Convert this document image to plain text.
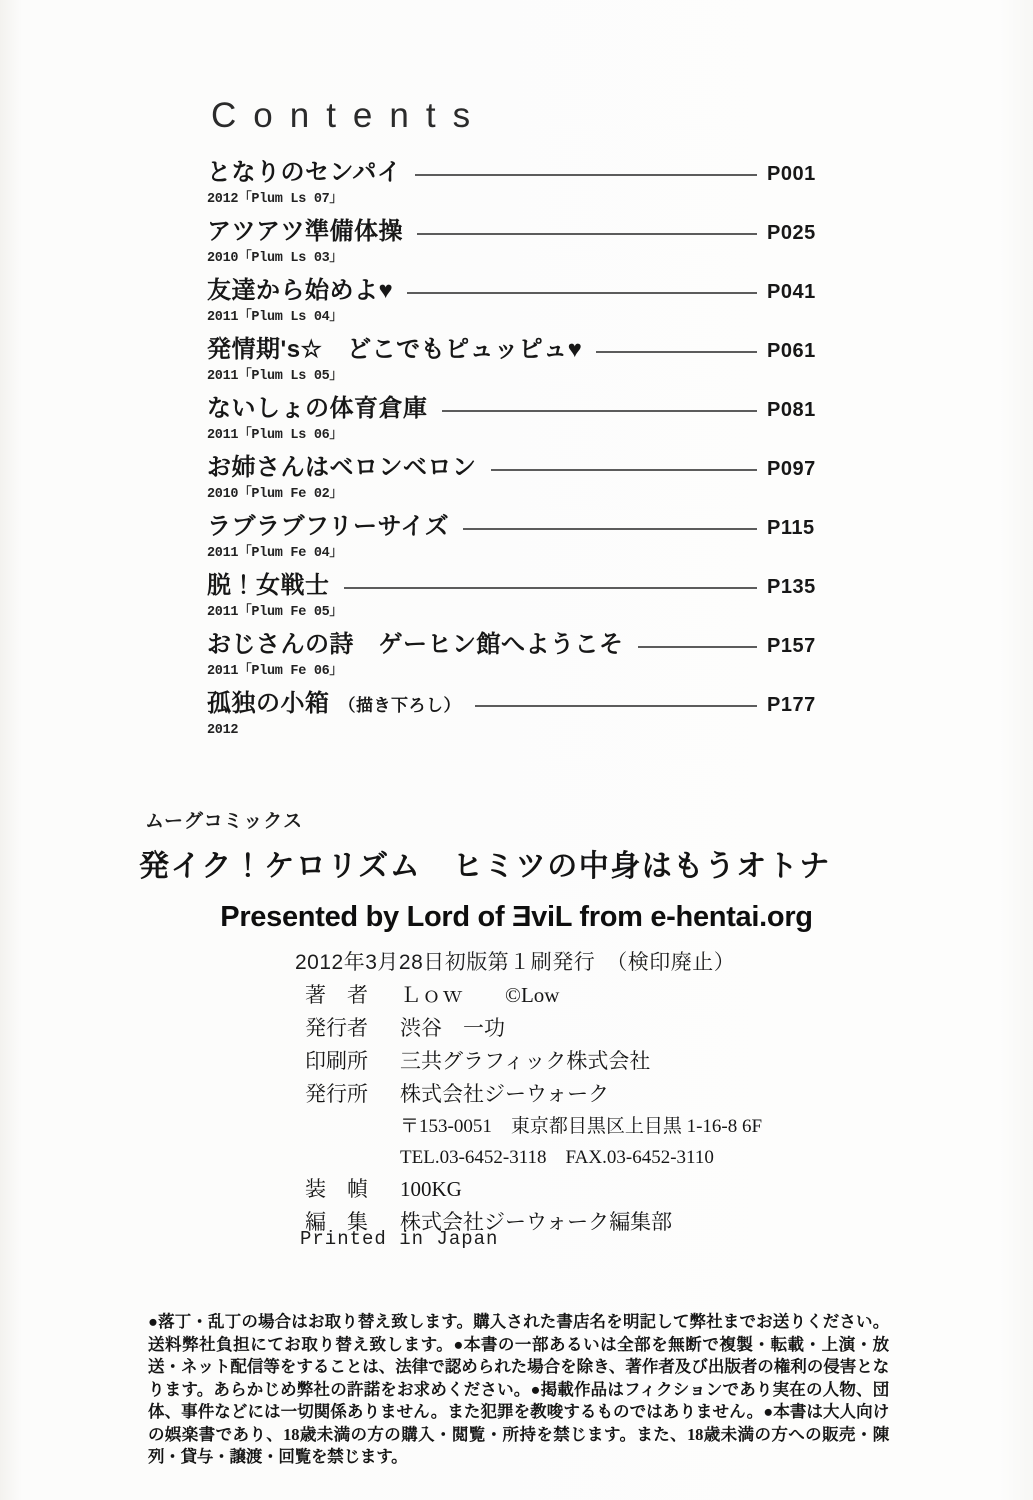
Contents
となりのセンパイ	P001
2012「Plum Ls 07」
アツアツ準備体操	P025
2010「Plum Ls 03」
友達から始めよ♥	P041
2011「Plum Ls 04」
発情期's☆　どこでもピュッピュ♥	P061
2011「Plum Ls 05」
ないしょの体育倉庫	P081
2011「Plum Ls 06」
お姉さんはベロンベロン	P097
2010「Plum Fe 02」
ラブラブフリーサイズ	P115
2011「Plum Fe 04」
脱！女戦士	P135
2011「Plum Fe 05」
おじさんの詩　ゲーヒン館へようこそ	P157
2011「Plum Fe 06」
孤独の小箱　（描き下ろし）	P177
2012
ムーグコミックス
発イク！ケロリズム　ヒミツの中身はもうオトナ
Presented by Lord of ƎviL from e-hentai.org
2012年3月28日初版第１刷発行　（検印廃止）
著　者	Ｌｏｗ ©Low
発行者	渋谷　一功
印刷所	三共グラフィック株式会社
発行所	株式会社ジーウォーク
〒153-0051　東京都目黒区上目黒 1-16-8 6F
TEL.03-6452-3118　FAX.03-6452-3110
装　幀	100KG
編　集	株式会社ジーウォーク編集部
Printed in Japan
●落丁・乱丁の場合はお取り替え致します。購入された書店名を明記して弊社までお送りください。送料弊社負担にてお取り替え致します。●本書の一部あるいは全部を無断で複製・転載・上演・放送・ネット配信等をすることは、法律で認められた場合を除き、著作者及び出版者の権利の侵害となります。あらかじめ弊社の許諾をお求めください。●掲載作品はフィクションであり実在の人物、団体、事件などには一切関係ありません。また犯罪を教唆するものではありません。●本書は大人向けの娯楽書であり、18歳未満の方の購入・閲覧・所持を禁じます。また、18歳未満の方への販売・陳列・貸与・譲渡・回覧を禁じます。
